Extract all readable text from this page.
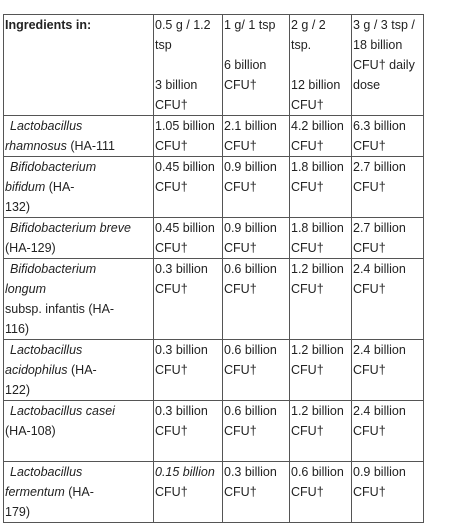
Ingredients in:	0.5 g / 1.2
tsp
3 billion
CFU†	1 g/ 1 tsp
6 billion
CFU†	2 g / 2
tsp.
12 billion
CFU†	3 g / 3 tsp /
18 billion
CFU† daily
dose

Lactobacillus
rhamnosus (HA-111	1.05 billion
CFU†	2.1 billion
CFU†	4.2 billion
CFU†	6.3 billion
CFU†

Bifidobacterium
bifidum (HA-
132)	0.45 billion
CFU†	0.9 billion
CFU†	1.8 billion
CFU†	2.7 billion
CFU†

Bifidobacterium breve
(HA-129)	0.45 billion
CFU†	0.9 billion
CFU†	1.8 billion
CFU†	2.7 billion
CFU†

Bifidobacterium
longum
subsp. infantis (HA-
116)	0.3 billion
CFU†	0.6 billion
CFU†	1.2 billion
CFU†	2.4 billion
CFU†

Lactobacillus
acidophilus (HA-
122)	0.3 billion
CFU†	0.6 billion
CFU†	1.2 billion
CFU†	2.4 billion
CFU†

Lactobacillus casei
(HA-108)	0.3 billion
CFU†	0.6 billion
CFU†	1.2 billion
CFU†	2.4 billion
CFU†

Lactobacillus
fermentum (HA-
179)	0.15 billion
CFU†	0.3 billion
CFU†	0.6 billion
CFU†	0.9 billion
CFU†
